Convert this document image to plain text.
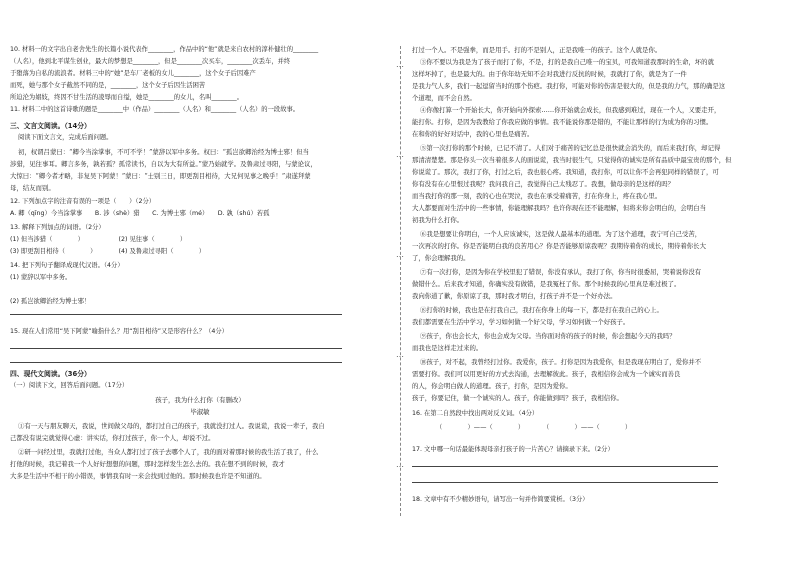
10. 材料一的文字出自老舍先生的长篇小说代表作________，作品中的“他”就是来自农村的淳朴健壮的________
（人名），他到北平谋生创业，最大的梦想是________，但是________次买车，________次丢车，并终
于堕落为自私的流浪者。材料三中的“她”是车厂老板的女儿________，这个女子后因难产
而死，她与那个女子截然不同的是，________，这个女子后因生活困苦
所迫沦为娼妓，终因不甘生活的凌辱而自缢，她是________的女儿，名叫________。
11. 材料二中的这首诗歌的题是________中（作品）________（人名）和________（人名）的一段故事。
三、文言文阅读。（14分）
阅读下面文言文，完成后面问题。
初，权谓吕蒙曰：“卿今当涂掌事，不可不学！”蒙辞以军中多务。权曰：“孤岂欲卿治经为博士邪！但当
涉猎，见往事耳。卿言多务，孰若孤？孤常读书，自以为大有所益。”蒙乃始就学。及鲁肃过寻阳，与蒙论议，
大惊曰：“卿今者才略，非复吴下阿蒙！”蒙曰：“士别三日，即更刮目相待，大兄何见事之晚乎！”肃遂拜蒙
母，结友而别。
12. 下列加点字的注音有误的一项是（　　）（2分）
A. 卿（qīng）今当涂掌事　　B. 涉（shè）猎　　C. 为博士邪（mé）　　D. 孰（shú）若孤
13. 解释下列加点的词语。（2分）
(1) 但当涉猎（　　　　）　　　　　　(2) 见往事（　　　　）
(3) 即更刮目相待（　　　　）　　　　(4) 及鲁肃过寻阳（　　　　）
14. 把下列句子翻译成现代汉语。（4分）
(1) 蒙辞以军中多务。
(2) 孤岂欲卿治经为博士邪！
15. 现在人们常用“吴下阿蒙”喻指什么？用“刮目相待”又是形容什么？（4分）
四、现代文阅读。（36分）
（一）阅读下文，回答后面问题。（17分）
孩子，我为什么打你（有删改）
毕淑敏
①有一天与朋友聊天，我说，世间做父母的，都打过自己的孩子，我就没打过人。我说谎，我说一辈子，我自
己都没有说完就觉得心虚：讲实话，你打过孩子，你一个人，却说不过。
②研一问经过里，我就打过他，当众人都打过了孩子去哪个人了，我的面对着那时候的我生活了我了，什么
打他的时候，我记着我一个人好好想想的问题，那时怎样发生怎么去的。我在想不到的时候，我才
大多是生活中不相干的小错误，事情我有时一来会找到过他的。那时候我也许是不知道的。
…
…
…
…
…
打过一个人。不是强拳，而是用手。打的不是别人，正是我唯一的孩子。这个人就是你。
③你不要以为我是为了孩子而打了你，不是，打的是我自己唯一的宝贝，可我知道我那时的生命，坏的就
这样坏掉了，也是最大的。由于你年幼无知不会对我进行反抗的时候，我就打了你，就是为了一件
是我力气人多，我们一起逗留当时的那个伤疤。我打你，可能对你的伤害是很大的，但是我的力气，那的确是这
个道理，而不会自然。
④你像打算一个开始长大，你开始向外探索……你开始就会成长，但我感到难过，现在一个人，又要走开，
能打你。打你，是因为我教给了你我应做的事情。我不能说你那是错的，不能让那样的行为成为你的习惯。
在和你的好好对话中，我的心里也是痛苦。
⑤第一次打你的那个时候，已记不清了。人们对于痛苦的记忆总是很快就会消失的，而后来我打你，却记得
那清清楚楚。那是你头一次当着很多人的面说谎，我当时很生气，只觉得你的诚实是所有品质中最宝贵的那个，但
你说谎了。那次，我打了你，打过之后，我也很心疼。我知道，我打你，可以让你不会再犯同样的错误了，可
你有没有在心里恨过我呢？我问我自己，我觉得自己太残忍了。我想，做母亲的是这样的吗？
而当我打你的那一刻，我的心也在哭泣，我也在承受着痛苦，打在你身上，疼在我心里。
大人都要面对生活中的一些事情，你能理解我吗？也许你现在还不能理解，但将来你会明白的，会明白当
初我为什么打你。
⑥我是想要让你明白，一个人应该诚实，这是做人最基本的道理。为了这个道理，我宁可自己受苦，
一次再次的打你。你是否能明白我的良苦用心？你是否能够原谅我呢？我期待着你的成长，期待着你长大
了，你会理解我的。
⑦有一次打你，是因为你在学校里犯了错误，你没有承认，我打了你，你当时很委屈，哭着说你没有
做错什么。后来我才知道，你确实没有做错，是我冤枉了你。那个时候我的心里真是难过极了。
我向你道了歉，你原谅了我，那时我才明白，打孩子并不是一个好办法。
⑧打你的时候，我也是在打我自己，我打在你身上的每一下，都是打在我自己的心上。
我们都需要在生活中学习，学习如何做一个好父母，学习如何做一个好孩子。
⑨孩子，你也会长大，你也会成为父母。当你面对你的孩子的时候，你会想起今天的我吗？
而我也是这样走过来的。
⑩孩子，对不起，我曾经打过你。我爱你，孩子。打你是因为我爱你，但是我现在明白了，爱你并不
需要打你。我们可以用更好的方式去沟通，去理解彼此。孩子，我相信你会成为一个诚实而善良
的人，你会明白做人的道理。孩子，打你，是因为爱你。
孩子，你要记住，做一个诚实的人。孩子，你能做到吗？孩子，我相信你。
16. 在第二自然段中找出两对反义词。（4分）
（　　　　）——（　　　　）　　　　（　　　　）——（　　　　）
17. 文中哪一句话最能体现母亲打孩子的一片苦心？请摘录下来。（2分）
18. 文章中有不少精妙语句，请写出一句并作简要赏析。（3分）
